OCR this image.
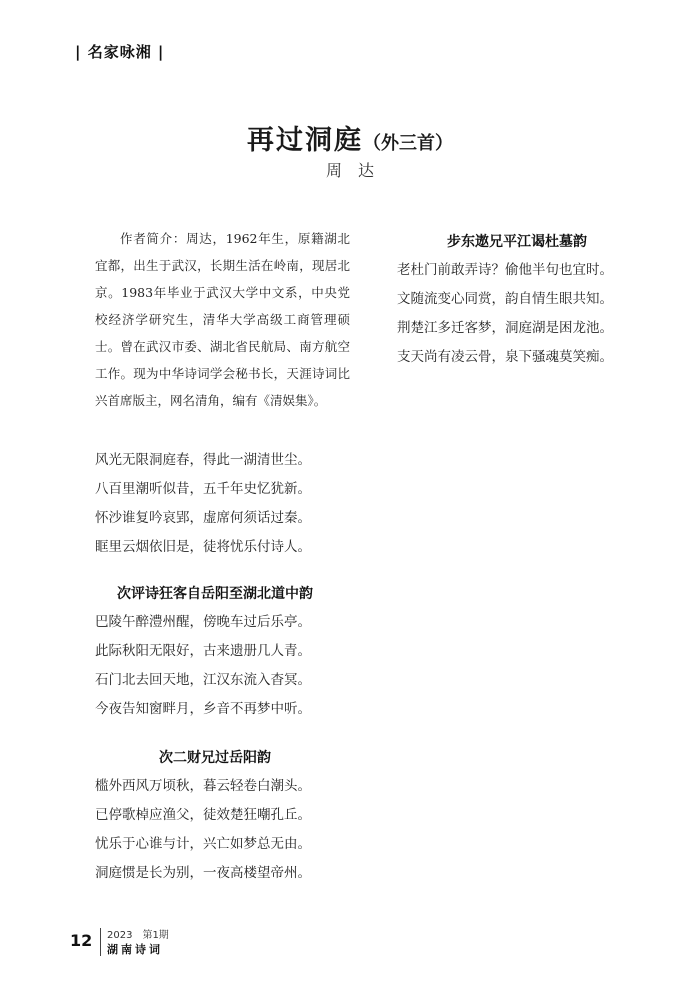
| 名家咏湘 |
再过洞庭（外三首）
周　达
作者简介：周达，1962年生，原籍湖北宜都，出生于武汉，长期生活在岭南，现居北京。1983年毕业于武汉大学中文系，中央党校经济学研究生，清华大学高级工商管理硕士。曾在武汉市委、湖北省民航局、南方航空工作。现为中华诗词学会秘书长，天涯诗词比兴首席版主，网名清角，编有《清娱集》。
风光无限洞庭春，得此一湖清世尘。
八百里潮听似昔，五千年史忆犹新。
怀沙谁复吟哀郢，虚席何须话过秦。
眶里云烟依旧是，徒将忧乐付诗人。
次评诗狂客自岳阳至湖北道中韵
巴陵午醉澧州醒，傍晚车过后乐亭。
此际秋阳无限好，古来遗册几人青。
石门北去回天地，江汉东流入杳冥。
今夜告知窗畔月，乡音不再梦中听。
次二财兄过岳阳韵
槛外西风万顷秋，暮云轻卷白潮头。
已停歌棹应渔父，徒效楚狂嘲孔丘。
忧乐于心谁与计，兴亡如梦总无由。
洞庭惯是长为别，一夜高楼望帝州。
步东遨兄平江谒杜墓韵
老杜门前敢弄诗？偷他半句也宜时。
文随流变心同赏，韵自情生眼共知。
荆楚江多迁客梦，洞庭湖是困龙池。
支天尚有凌云骨，泉下骚魂莫笑痴。
12 2023　第1期
湖南诗词
